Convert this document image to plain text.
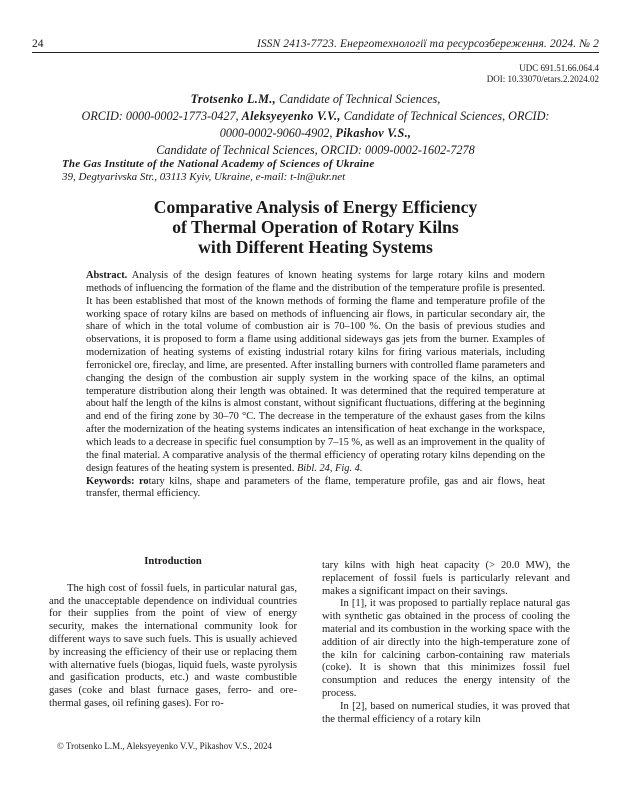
24	ISSN 2413-7723. Енерготехнології та ресурсозбереження. 2024. № 2
UDC 691.51.66.064.4
DOI: 10.33070/etars.2.2024.02
Trotsenko L.M., Candidate of Technical Sciences,
ORCID: 0000-0002-1773-0427, Aleksyeyenko V.V., Candidate of Technical Sciences, ORCID: 0000-0002-9060-4902, Pikashov V.S.,
Candidate of Technical Sciences, ORCID: 0009-0002-1602-7278
The Gas Institute of the National Academy of Sciences of Ukraine
39, Degtyarivska Str., 03113 Kyiv, Ukraine, e-mail: t-ln@ukr.net
Comparative Analysis of Energy Efficiency
of Thermal Operation of Rotary Kilns
with Different Heating Systems
Abstract. Analysis of the design features of known heating systems for large rotary kilns and modern methods of influencing the formation of the flame and the distribution of the temperature profile is presented. It has been established that most of the known methods of forming the flame and temperature profile of the working space of rotary kilns are based on methods of influencing air flows, in particular secondary air, the share of which in the total volume of combustion air is 70–100 %. On the basis of previous studies and observations, it is proposed to form a flame using additional sideways gas jets from the burner. Examples of modernization of heating systems of existing industrial rotary kilns for firing various materials, including ferronickel ore, fireclay, and lime, are presented. After installing burners with controlled flame parameters and changing the design of the combustion air supply system in the working space of the kilns, an optimal temperature distribution along their length was obtained. It was determined that the required temperature at about half the length of the kilns is almost constant, without significant fluctuations, differing at the beginning and end of the firing zone by 30–70 °C. The decrease in the temperature of the exhaust gases from the kilns after the modernization of the heating systems indicates an intensification of heat exchange in the workspace, which leads to a decrease in specific fuel consumption by 7–15 %, as well as an improvement in the quality of the final material. A comparative analysis of the thermal efficiency of operating rotary kilns depending on the design features of the heating system is presented. Bibl. 24, Fig. 4.
Keywords: rotary kilns, shape and parameters of the flame, temperature profile, gas and air flows, heat transfer, thermal efficiency.
Introduction

The high cost of fossil fuels, in particular natural gas, and the unacceptable dependence on individual countries for their supplies from the point of view of energy security, makes the international community look for different ways to save such fuels. This is usually achieved by increasing the efficiency of their use or replacing them with alternative fuels (biogas, liquid fuels, waste pyrolysis and gasification products, etc.) and waste combustible gases (coke and blast furnace gases, ferro- and ore-thermal gases, oil refining gases). For ro-

tary kilns with high heat capacity (> 20.0 MW), the replacement of fossil fuels is particularly relevant and makes a significant impact on their savings.

In [1], it was proposed to partially replace natural gas with synthetic gas obtained in the process of cooling the material and its combustion in the working space with the addition of air directly into the high-temperature zone of the kiln for calcining carbon-containing raw materials (coke). It is shown that this minimizes fossil fuel consumption and reduces the energy intensity of the process.

In [2], based on numerical studies, it was proved that the thermal efficiency of a rotary kiln

© Trotsenko L.M., Aleksyeyenko V.V., Pikashov V.S., 2024
